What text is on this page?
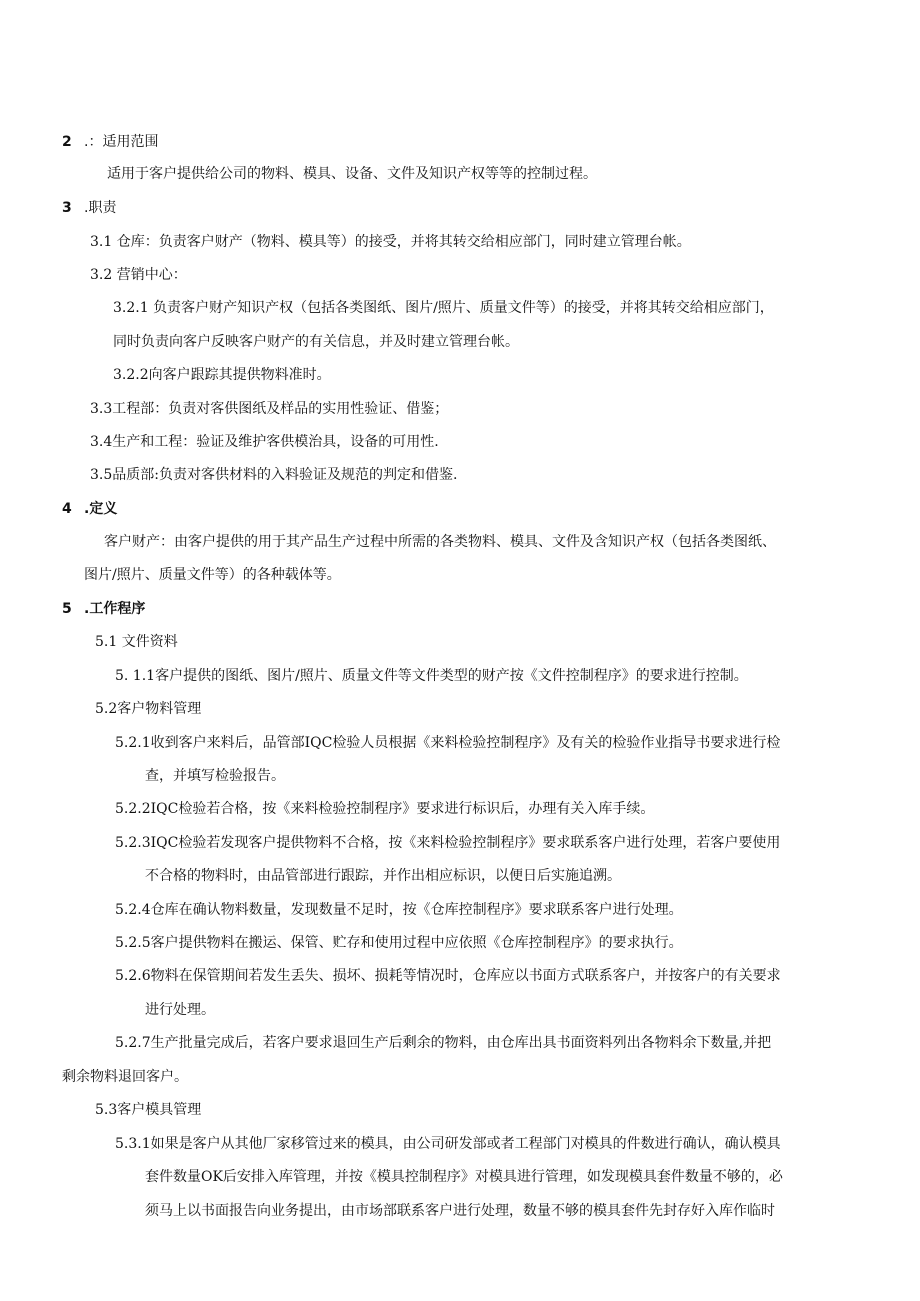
2 .：适用范围
适用于客户提供给公司的物料、模具、设备、文件及知识产权等等的控制过程。
3 .职责
3.1 仓库：负责客户财产（物料、模具等）的接受，并将其转交给相应部门，同时建立管理台帐。
3.2 营销中心：
3.2.1 负责客户财产知识产权（包括各类图纸、图片/照片、质量文件等）的接受，并将其转交给相应部门，
同时负责向客户反映客户财产的有关信息，并及时建立管理台帐。
3.2.2向客户跟踪其提供物料准时。
3.3工程部：负责对客供图纸及样品的实用性验证、借鉴；
3.4生产和工程：验证及维护客供模治具，设备的可用性.
3.5品质部:负责对客供材料的入料验证及规范的判定和借鉴.
4 .定义
客户财产：由客户提供的用于其产品生产过程中所需的各类物料、模具、文件及含知识产权（包括各类图纸、
图片/照片、质量文件等）的各种载体等。
5 .工作程序
5.1 文件资料
5. 1.1客户提供的图纸、图片/照片、质量文件等文件类型的财产按《文件控制程序》的要求进行控制。
5.2客户物料管理
5.2.1收到客户来料后，品管部IQC检验人员根据《来料检验控制程序》及有关的检验作业指导书要求进行检
查，并填写检验报告。
5.2.2IQC检验若合格，按《来料检验控制程序》要求进行标识后，办理有关入库手续。
5.2.3IQC检验若发现客户提供物料不合格，按《来料检验控制程序》要求联系客户进行处理，若客户要使用
不合格的物料时，由品管部进行跟踪，并作出相应标识，以便日后实施追溯。
5.2.4仓库在确认物料数量，发现数量不足时，按《仓库控制程序》要求联系客户进行处理。
5.2.5客户提供物料在搬运、保管、贮存和使用过程中应依照《仓库控制程序》的要求执行。
5.2.6物料在保管期间若发生丢失、损坏、损耗等情况时，仓库应以书面方式联系客户，并按客户的有关要求
进行处理。
5.2.7生产批量完成后，若客户要求退回生产后剩余的物料，由仓库出具书面资料列出各物料余下数量,并把
剩余物料退回客户。
5.3客户模具管理
5.3.1如果是客户从其他厂家移管过来的模具，由公司研发部或者工程部门对模具的件数进行确认，确认模具
套件数量OK后安排入库管理，并按《模具控制程序》对模具进行管理，如发现模具套件数量不够的，必
须马上以书面报告向业务提出，由市场部联系客户进行处理，数量不够的模具套件先封存好入库作临时
